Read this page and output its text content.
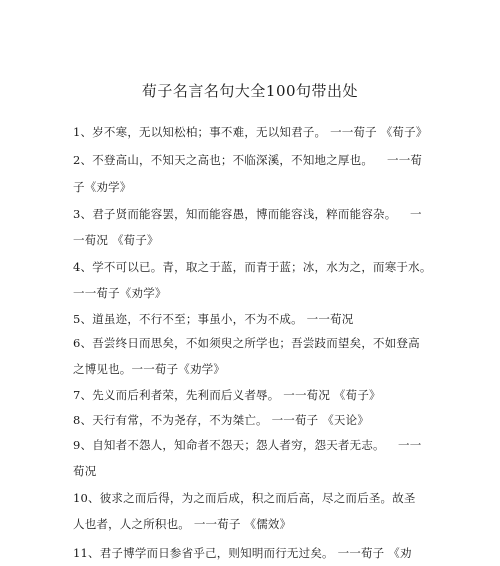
荀子名言名句大全100句带出处
1、岁不寒，无以知松柏；事不难，无以知君子。 一一荀子 《荀子》
2、不登高山，不知天之高也；不临深溪，不知地之厚也。 一一荀
子《劝学》
3、君子贤而能容罢，知而能容愚，博而能容浅，粹而能容杂。 一
一荀况 《荀子》
4、学不可以已。青，取之于蓝，而青于蓝；冰，水为之，而寒于水。
一一荀子《劝学》
5、道虽迩，不行不至；事虽小，不为不成。 一一荀况
6、吾尝终日而思矣，不如须臾之所学也；吾尝跂而望矣，不如登高
之博见也。一一荀子《劝学》
7、先义而后利者荣，先利而后义者辱。 一一荀况 《荀子》
8、天行有常，不为尧存，不为桀亡。 一一荀子 《天论》
9、自知者不怨人，知命者不怨天；怨人者穷，怨天者无志。 一一
荀况
10、彼求之而后得，为之而后成，积之而后高，尽之而后圣。故圣
人也者，人之所积也。 一一荀子 《儒效》
11、君子博学而日参省乎己，则知明而行无过矣。 一一荀子 《劝
